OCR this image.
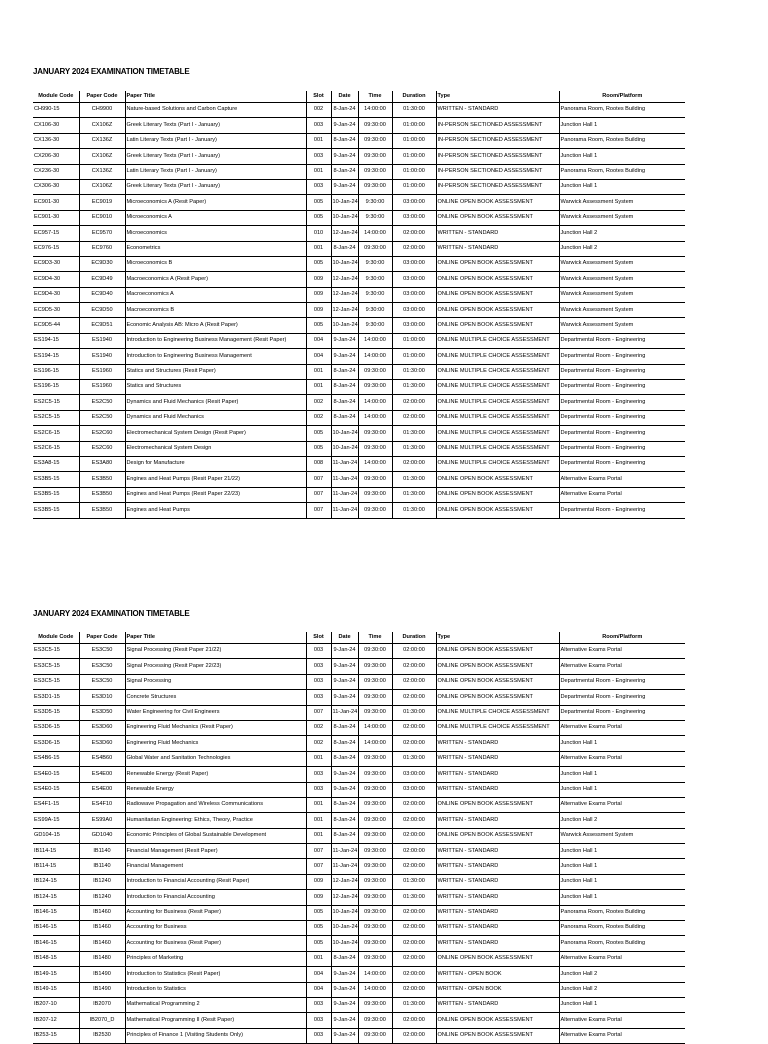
JANUARY 2024 EXAMINATION TIMETABLE
Module Code	Paper Code	Paper Title	Slot	Date	Time	Duration	Type	Room/Platform
CH990-15	CH9900	Nature-based Solutions and Carbon Capture	002	8-Jan-24	14:00:00	01:30:00	WRITTEN - STANDARD	Panorama Room, Rootes Building
CX106-30	CX106Z	Greek Literary Texts (Part I - January)	003	9-Jan-24	09:30:00	01:00:00	IN-PERSON SECTIONED ASSESSMENT	Junction Hall 1
CX136-30	CX136Z	Latin Literary Texts (Part I - January)	001	8-Jan-24	09:30:00	01:00:00	IN-PERSON SECTIONED ASSESSMENT	Panorama Room, Rootes Building
CX206-30	CX106Z	Greek Literary Texts (Part I - January)	003	9-Jan-24	09:30:00	01:00:00	IN-PERSON SECTIONED ASSESSMENT	Junction Hall 1
CX236-30	CX136Z	Latin Literary Texts (Part I - January)	001	8-Jan-24	09:30:00	01:00:00	IN-PERSON SECTIONED ASSESSMENT	Panorama Room, Rootes Building
CX306-30	CX106Z	Greek Literary Texts (Part I - January)	003	9-Jan-24	09:30:00	01:00:00	IN-PERSON SECTIONED ASSESSMENT	Junction Hall 1
EC901-30	EC9019	Microeconomics A (Resit Paper)	005	10-Jan-24	9:30:00	03:00:00	ONLINE OPEN BOOK ASSESSMENT	Warwick Assessment System
EC901-30	EC9010	Microeconomics A	005	10-Jan-24	9:30:00	03:00:00	ONLINE OPEN BOOK ASSESSMENT	Warwick Assessment System
EC957-15	EC9570	Microeconomics	010	12-Jan-24	14:00:00	02:00:00	WRITTEN - STANDARD	Junction Hall 2
EC976-15	EC9760	Econometrics	001	8-Jan-24	09:30:00	02:00:00	WRITTEN - STANDARD	Junction Hall 2
EC9D3-30	EC9D30	Microeconomics B	005	10-Jan-24	9:30:00	03:00:00	ONLINE OPEN BOOK ASSESSMENT	Warwick Assessment System
EC9D4-30	EC9D49	Macroeconomics A (Resit Paper)	009	12-Jan-24	9:30:00	03:00:00	ONLINE OPEN BOOK ASSESSMENT	Warwick Assessment System
EC9D4-30	EC9D40	Macroeconomics A	009	12-Jan-24	9:30:00	03:00:00	ONLINE OPEN BOOK ASSESSMENT	Warwick Assessment System
EC9D5-30	EC9D50	Macroeconomics B	009	12-Jan-24	9:30:00	03:00:00	ONLINE OPEN BOOK ASSESSMENT	Warwick Assessment System
EC9D5-44	EC9D51	Economic Analysis AB: Micro A (Resit Paper)	005	10-Jan-24	9:30:00	03:00:00	ONLINE OPEN BOOK ASSESSMENT	Warwick Assessment System
ES194-15	ES1940	Introduction to Engineering Business Management (Resit Paper)	004	9-Jan-24	14:00:00	01:00:00	ONLINE MULTIPLE CHOICE ASSESSMENT	Departmental Room - Engineering
ES194-15	ES1940	Introduction to Engineering Business Management	004	9-Jan-24	14:00:00	01:00:00	ONLINE MULTIPLE CHOICE ASSESSMENT	Departmental Room - Engineering
ES196-15	ES1960	Statics and Structures (Resit Paper)	001	8-Jan-24	09:30:00	01:30:00	ONLINE MULTIPLE CHOICE ASSESSMENT	Departmental Room - Engineering
ES196-15	ES1960	Statics and Structures	001	8-Jan-24	09:30:00	01:30:00	ONLINE MULTIPLE CHOICE ASSESSMENT	Departmental Room - Engineering
ES2C5-15	ES2C50	Dynamics and Fluid Mechanics (Resit Paper)	002	8-Jan-24	14:00:00	02:00:00	ONLINE MULTIPLE CHOICE ASSESSMENT	Departmental Room - Engineering
ES2C5-15	ES2C50	Dynamics and Fluid Mechanics	002	8-Jan-24	14:00:00	02:00:00	ONLINE MULTIPLE CHOICE ASSESSMENT	Departmental Room - Engineering
ES2C6-15	ES2C60	Electromechanical System Design (Resit Paper)	005	10-Jan-24	09:30:00	01:30:00	ONLINE MULTIPLE CHOICE ASSESSMENT	Departmental Room - Engineering
ES2C6-15	ES2C60	Electromechanical System Design	005	10-Jan-24	09:30:00	01:30:00	ONLINE MULTIPLE CHOICE ASSESSMENT	Departmental Room - Engineering
ES3A8-15	ES3A80	Design for Manufacture	008	11-Jan-24	14:00:00	02:00:00	ONLINE MULTIPLE CHOICE ASSESSMENT	Departmental Room - Engineering
ES3B5-15	ES3B50	Engines and Heat Pumps (Resit Paper 21/22)	007	11-Jan-24	09:30:00	01:30:00	ONLINE OPEN BOOK ASSESSMENT	Alternative Exams Portal
ES3B5-15	ES3B50	Engines and Heat Pumps (Resit Paper 22/23)	007	11-Jan-24	09:30:00	01:30:00	ONLINE OPEN BOOK ASSESSMENT	Alternative Exams Portal
ES3B5-15	ES3B50	Engines and Heat Pumps	007	11-Jan-24	09:30:00	01:30:00	ONLINE OPEN BOOK ASSESSMENT	Departmental Room - Engineering
JANUARY 2024 EXAMINATION TIMETABLE
Module Code	Paper Code	Paper Title	Slot	Date	Time	Duration	Type	Room/Platform
ES3C5-15	ES3C50	Signal Processing (Resit Paper 21/22)	003	9-Jan-24	09:30:00	02:00:00	ONLINE OPEN BOOK ASSESSMENT	Alternative Exams Portal
ES3C5-15	ES3C50	Signal Processing (Resit Paper 22/23)	003	9-Jan-24	09:30:00	02:00:00	ONLINE OPEN BOOK ASSESSMENT	Alternative Exams Portal
ES3C5-15	ES3C50	Signal Processing	003	9-Jan-24	09:30:00	02:00:00	ONLINE OPEN BOOK ASSESSMENT	Departmental Room - Engineering
ES3D1-15	ES3D10	Concrete Structures	003	9-Jan-24	09:30:00	02:00:00	ONLINE OPEN BOOK ASSESSMENT	Departmental Room - Engineering
ES3D5-15	ES3D50	Water Engineering for Civil Engineers	007	11-Jan-24	09:30:00	01:30:00	ONLINE MULTIPLE CHOICE ASSESSMENT	Departmental Room - Engineering
ES3D6-15	ES3D60	Engineering Fluid Mechanics (Resit Paper)	002	8-Jan-24	14:00:00	02:00:00	ONLINE MULTIPLE CHOICE ASSESSMENT	Alternative Exams Portal
ES3D6-15	ES3D60	Engineering Fluid Mechanics	002	8-Jan-24	14:00:00	02:00:00	WRITTEN - STANDARD	Junction Hall 1
ES4B6-15	ES4B60	Global Water and Sanitation Technologies	001	8-Jan-24	09:30:00	01:30:00	WRITTEN - STANDARD	Alternative Exams Portal
ES4E0-15	ES4E00	Renewable Energy (Resit Paper)	003	9-Jan-24	09:30:00	03:00:00	WRITTEN - STANDARD	Junction Hall 1
ES4E0-15	ES4E00	Renewable Energy	003	9-Jan-24	09:30:00	03:00:00	WRITTEN - STANDARD	Junction Hall 1
ES4F1-15	ES4F10	Radiowave Propagation and Wireless Communications	001	8-Jan-24	09:30:00	02:00:00	ONLINE OPEN BOOK ASSESSMENT	Alternative Exams Portal
ES99A-15	ES99A0	Humanitarian Engineering: Ethics, Theory, Practice	001	8-Jan-24	09:30:00	02:00:00	WRITTEN - STANDARD	Junction Hall 2
GD104-15	GD1040	Economic Principles of Global Sustainable Development	001	8-Jan-24	09:30:00	02:00:00	ONLINE OPEN BOOK ASSESSMENT	Warwick Assessment System
IB114-15	IB1140	Financial Management (Resit Paper)	007	11-Jan-24	09:30:00	02:00:00	WRITTEN - STANDARD	Junction Hall 1
IB114-15	IB1140	Financial Management	007	11-Jan-24	09:30:00	02:00:00	WRITTEN - STANDARD	Junction Hall 1
IB124-15	IB1240	Introduction to Financial Accounting (Resit Paper)	009	12-Jan-24	09:30:00	01:30:00	WRITTEN - STANDARD	Junction Hall 1
IB124-15	IB1240	Introduction to Financial Accounting	009	12-Jan-24	09:30:00	01:30:00	WRITTEN - STANDARD	Junction Hall 1
IB146-15	IB1460	Accounting for Business (Resit Paper)	005	10-Jan-24	09:30:00	02:00:00	WRITTEN - STANDARD	Panorama Room, Rootes Building
IB146-15	IB1460	Accounting for Business	005	10-Jan-24	09:30:00	02:00:00	WRITTEN - STANDARD	Panorama Room, Rootes Building
IB146-15	IB1460	Accounting for Business (Resit Paper)	005	10-Jan-24	09:30:00	02:00:00	WRITTEN - STANDARD	Panorama Room, Rootes Building
IB148-15	IB1480	Principles of Marketing	001	8-Jan-24	09:30:00	02:00:00	ONLINE OPEN BOOK ASSESSMENT	Alternative Exams Portal
IB149-15	IB1490	Introduction to Statistics (Resit Paper)	004	9-Jan-24	14:00:00	02:00:00	WRITTEN - OPEN BOOK	Junction Hall 2
IB149-15	IB1490	Introduction to Statistics	004	9-Jan-24	14:00:00	02:00:00	WRITTEN - OPEN BOOK	Junction Hall 2
IB207-10	IB2070	Mathematical Programming 2	003	9-Jan-24	09:30:00	01:30:00	WRITTEN - STANDARD	Junction Hall 1
IB207-12	IB2070_D	Mathematical Programming II (Resit Paper)	003	9-Jan-24	09:30:00	02:00:00	ONLINE OPEN BOOK ASSESSMENT	Alternative Exams Portal
IB253-15	IB2530	Principles of Finance 1 (Visiting Students Only)	003	9-Jan-24	09:30:00	02:00:00	ONLINE OPEN BOOK ASSESSMENT	Alternative Exams Portal
